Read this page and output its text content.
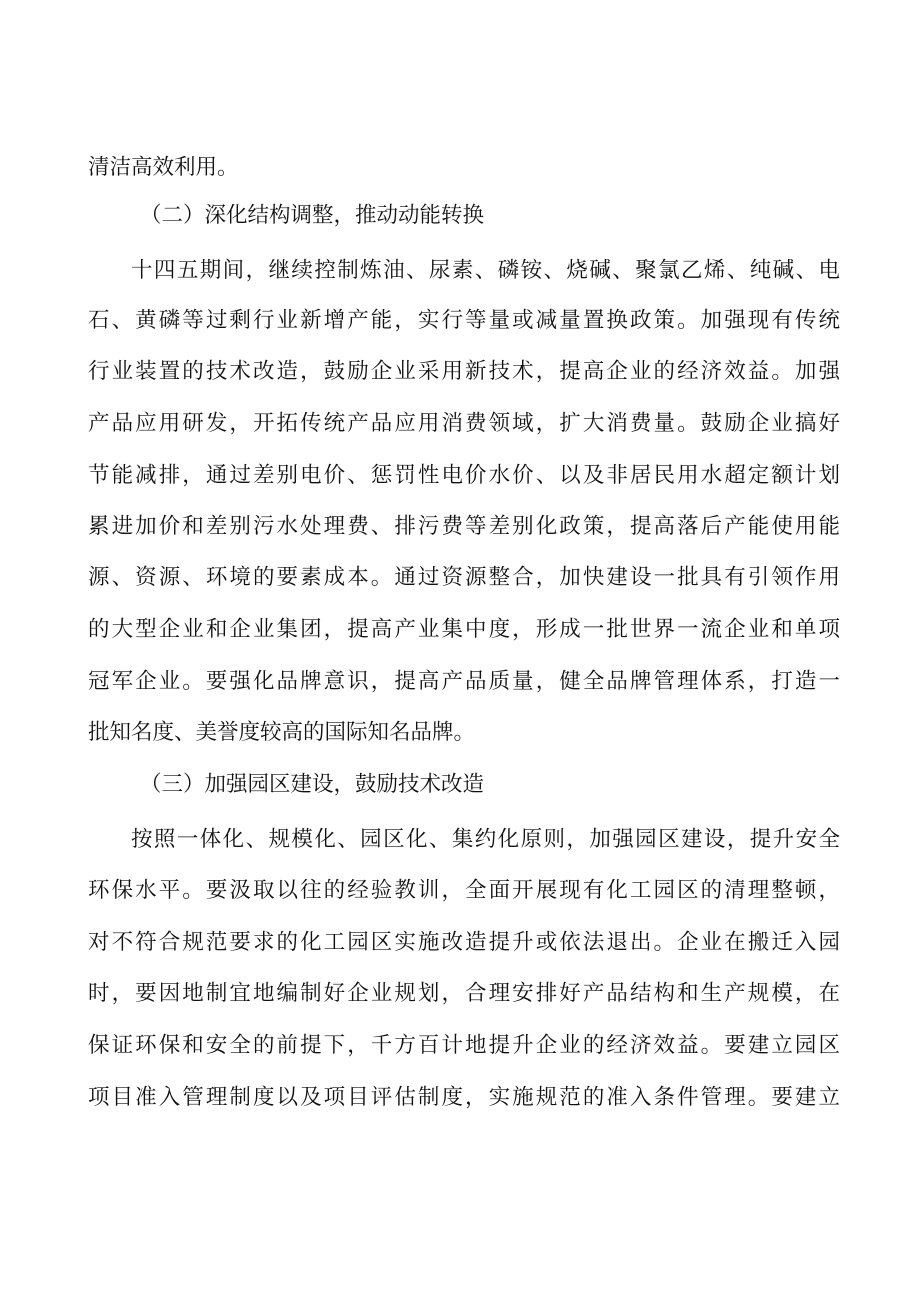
清洁高效利用。
（二）深化结构调整，推动动能转换
十四五期间，继续控制炼油、尿素、磷铵、烧碱、聚氯乙烯、纯碱、电
石、黄磷等过剩行业新增产能，实行等量或减量置换政策。加强现有传统
行业装置的技术改造，鼓励企业采用新技术，提高企业的经济效益。加强
产品应用研发，开拓传统产品应用消费领域，扩大消费量。鼓励企业搞好
节能减排，通过差别电价、惩罚性电价水价、以及非居民用水超定额计划
累进加价和差别污水处理费、排污费等差别化政策，提高落后产能使用能
源、资源、环境的要素成本。通过资源整合，加快建设一批具有引领作用
的大型企业和企业集团，提高产业集中度，形成一批世界一流企业和单项
冠军企业。要强化品牌意识，提高产品质量，健全品牌管理体系，打造一
批知名度、美誉度较高的国际知名品牌。
（三）加强园区建设，鼓励技术改造
按照一体化、规模化、园区化、集约化原则，加强园区建设，提升安全
环保水平。要汲取以往的经验教训，全面开展现有化工园区的清理整顿，
对不符合规范要求的化工园区实施改造提升或依法退出。企业在搬迁入园
时，要因地制宜地编制好企业规划，合理安排好产品结构和生产规模，在
保证环保和安全的前提下，千方百计地提升企业的经济效益。要建立园区
项目准入管理制度以及项目评估制度，实施规范的准入条件管理。要建立
